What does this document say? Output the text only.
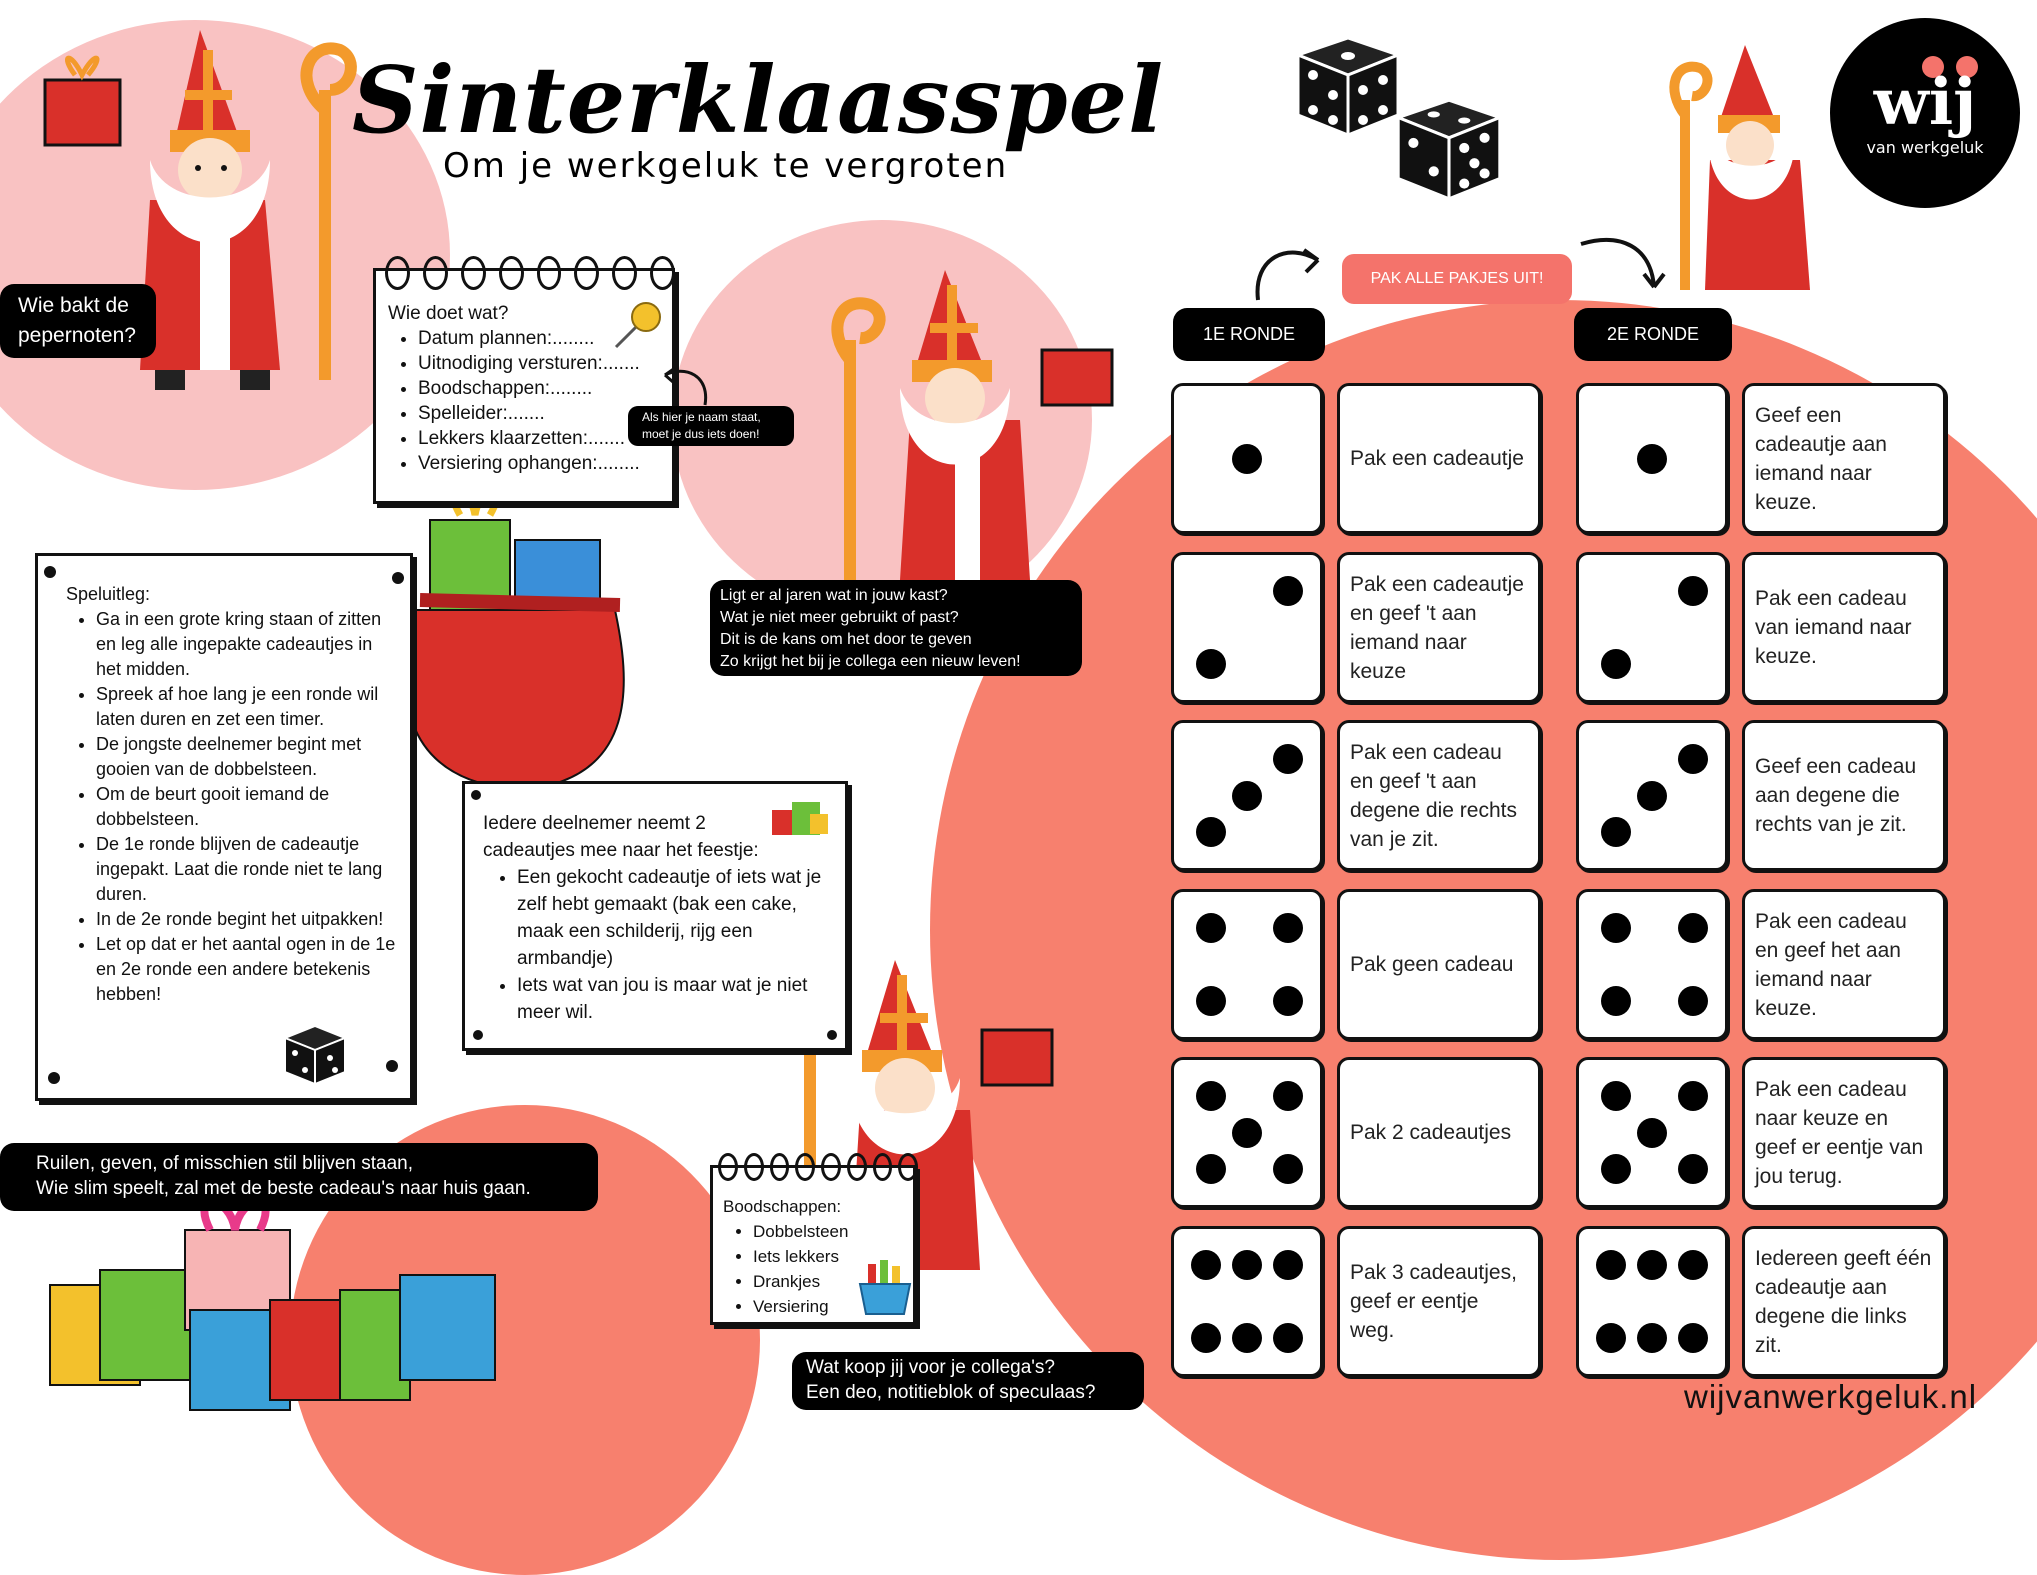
Sinterklaasspel
Om je werkgeluk te vergroten
wij
van werkgeluk
Wie bakt de
pepernoten?
Wie doet wat?
• Datum plannen:........
• Uitnodiging versturen:.......
• Boodschappen:........
• Spelleider:.......
• Lekkers klaarzetten:.......
• Versiering ophangen:........
Als hier je naam staat,
moet je dus iets doen!
Speluitleg:
• Ga in een grote kring staan of zitten en leg alle ingepakte cadeautjes in het midden.
• Spreek af hoe lang je een ronde wil laten duren en zet een timer.
• De jongste deelnemer begint met gooien van de dobbelsteen.
• Om de beurt gooit iemand de dobbelsteen.
• De 1e ronde blijven de cadeautje ingepakt. Laat die ronde niet te lang duren.
• In de 2e ronde begint het uitpakken!
• Let op dat er het aantal ogen in de 1e en 2e ronde een andere betekenis hebben!
Iedere deelnemer neemt 2 cadeautjes mee naar het feestje:
• Een gekocht cadeautje of iets wat je zelf hebt gemaakt (bak een cake, maak een schilderij, rijg een armbandje)
• Iets wat van jou is maar wat je niet meer wil.
Ligt er al jaren wat in jouw kast?
Wat je niet meer gebruikt of past?
Dit is de kans om het door te geven
Zo krijgt het bij je collega een nieuw leven!
Boodschappen:
• Dobbelsteen
• Iets lekkers
• Drankjes
• Versiering
Ruilen, geven, of misschien stil blijven staan,
Wie slim speelt, zal met de beste cadeau's naar huis gaan.
Wat koop jij voor je collega's?
Een deo, notitieblok of speculaas?
PAK ALLE PAKJES UIT!
1E RONDE	2E RONDE
Pak een cadeautje
Geef een cadeautje aan iemand naar keuze.
Pak een cadeautje en geef 't aan iemand naar keuze
Pak een cadeau van iemand naar keuze.
Pak een cadeau en geef 't aan degene die rechts van je zit.
Geef een cadeau aan degene die rechts van je zit.
Pak geen cadeau
Pak een cadeau en geef het aan iemand naar keuze.
Pak 2 cadeautjes
Pak een cadeau naar keuze en geef er eentje van jou terug.
Pak 3 cadeautjes, geef er eentje weg.
Iedereen geeft één cadeautje aan degene die links zit.
wijvanwerkgeluk.nl
